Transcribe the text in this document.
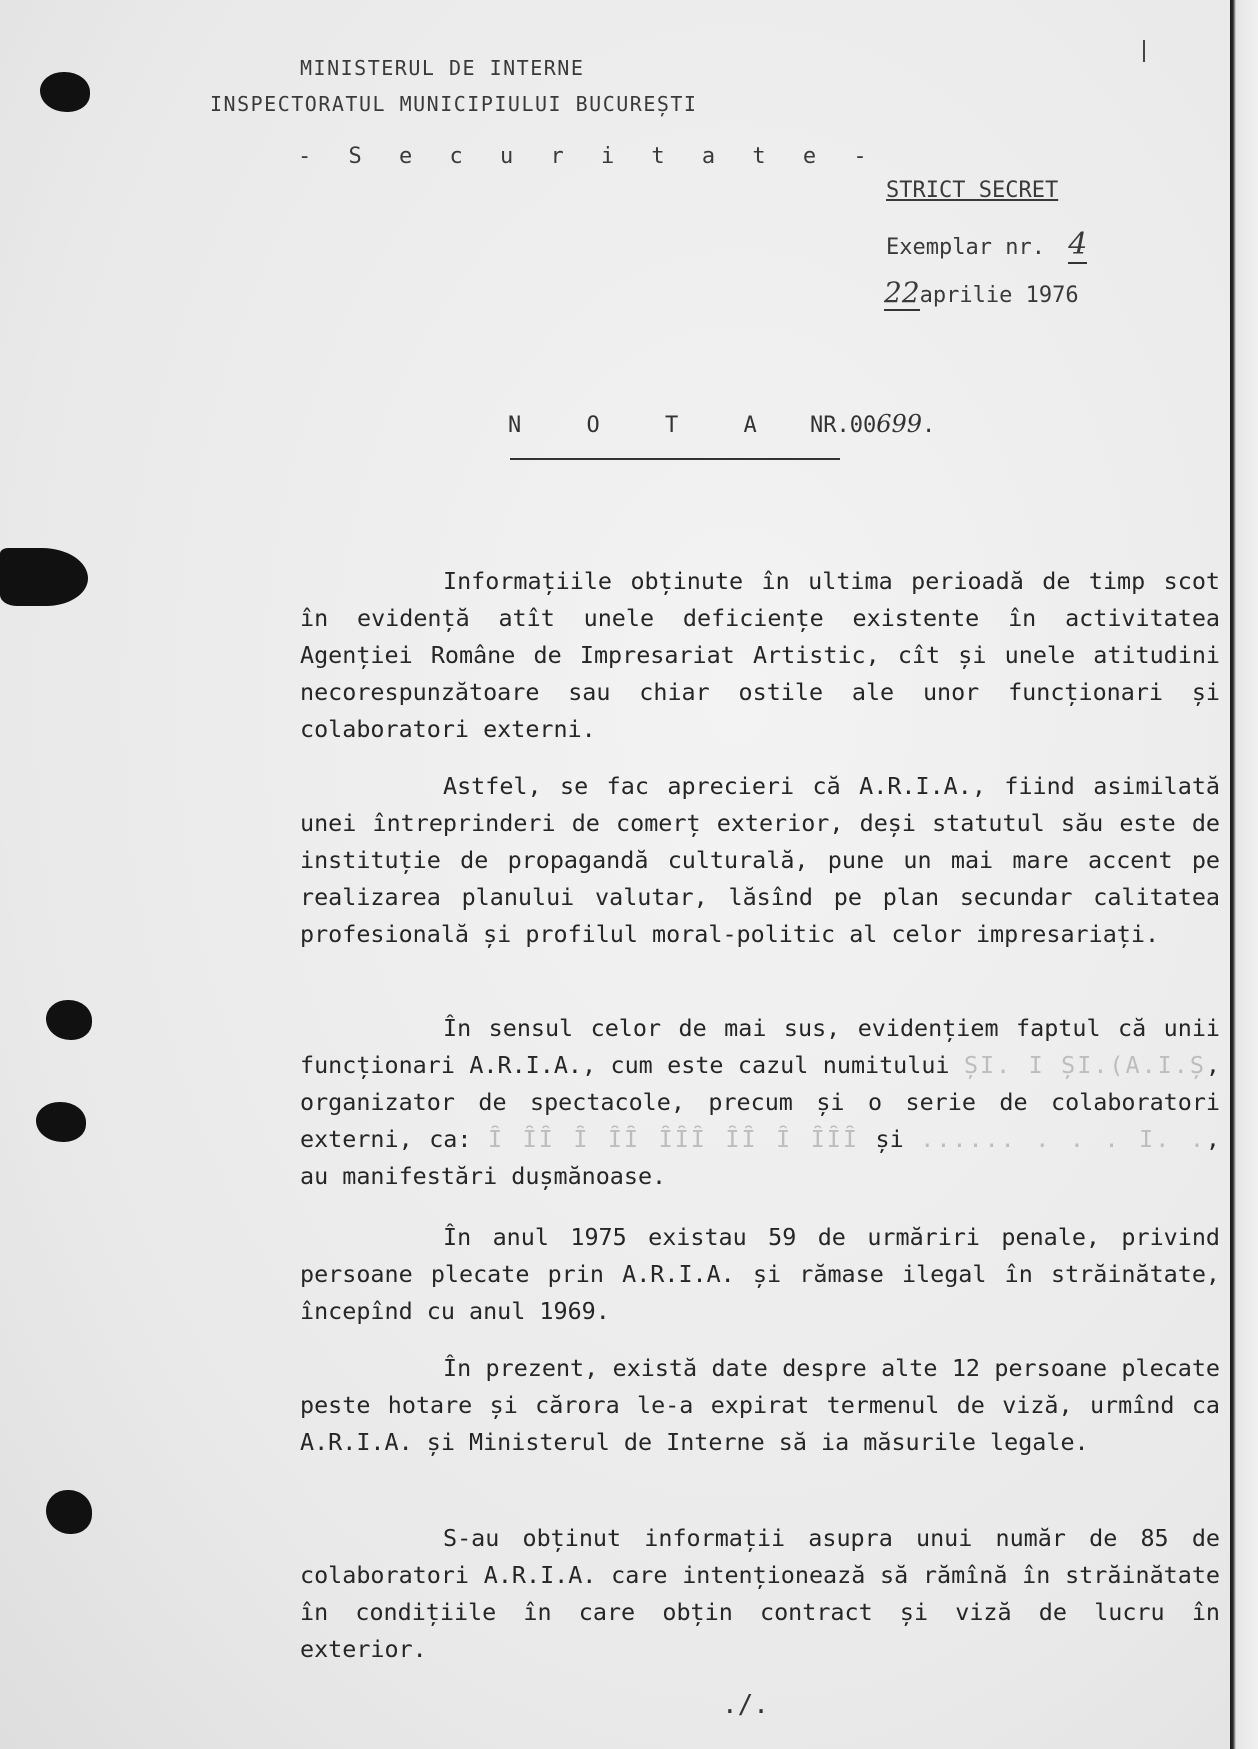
MINISTERUL DE INTERNE
INSPECTORATUL MUNICIPIULUI BUCUREȘTI
- S e c u r i t a t e -
STRICT SECRET
Exemplar nr. 4
22aprilie 1976
N O T A NR.00699.

Informațiile obținute în ultima perioadă de timp scot în evidență atît unele deficiențe existente în activitatea Agenției Române de Impresariat Artistic, cît și unele atitudini necorespunzătoare sau chiar ostile ale unor funcționari și colaboratori externi.

Astfel, se fac aprecieri că A.R.I.A., fiind asimilată unei întreprinderi de comerț exterior, deși statutul său este de instituție de propagandă culturală, pune un mai mare accent pe realizarea planului valutar, lăsînd pe plan secundar calitatea profesională și profilul moral-politic al celor impresariați.

În sensul celor de mai sus, evidențiem faptul că unii funcționari A.R.I.A., cum este cazul numitului ȘI. I ȘI.(A.I.Ș, organizator de spectacole, precum și o serie de colaboratori externi, ca: Ȋ ȊȊ Ȋ ȊȊ ȊȊȊ ȊȊ Ȋ ȊȊȊ și ...... . . . I. ., au manifestări dușmănoase.

În anul 1975 existau 59 de urmăriri penale, privind persoane plecate prin A.R.I.A. și rămase ilegal în străinătate, începînd cu anul 1969.

În prezent, există date despre alte 12 persoane plecate peste hotare și cărora le-a expirat termenul de viză, urmînd ca A.R.I.A. și Ministerul de Interne să ia măsurile legale.

S-au obținut informații asupra unui număr de 85 de colaboratori A.R.I.A. care intenționează să rămînă în străinătate în condițiile în care obțin contract și viză de lucru în exterior.

./.
